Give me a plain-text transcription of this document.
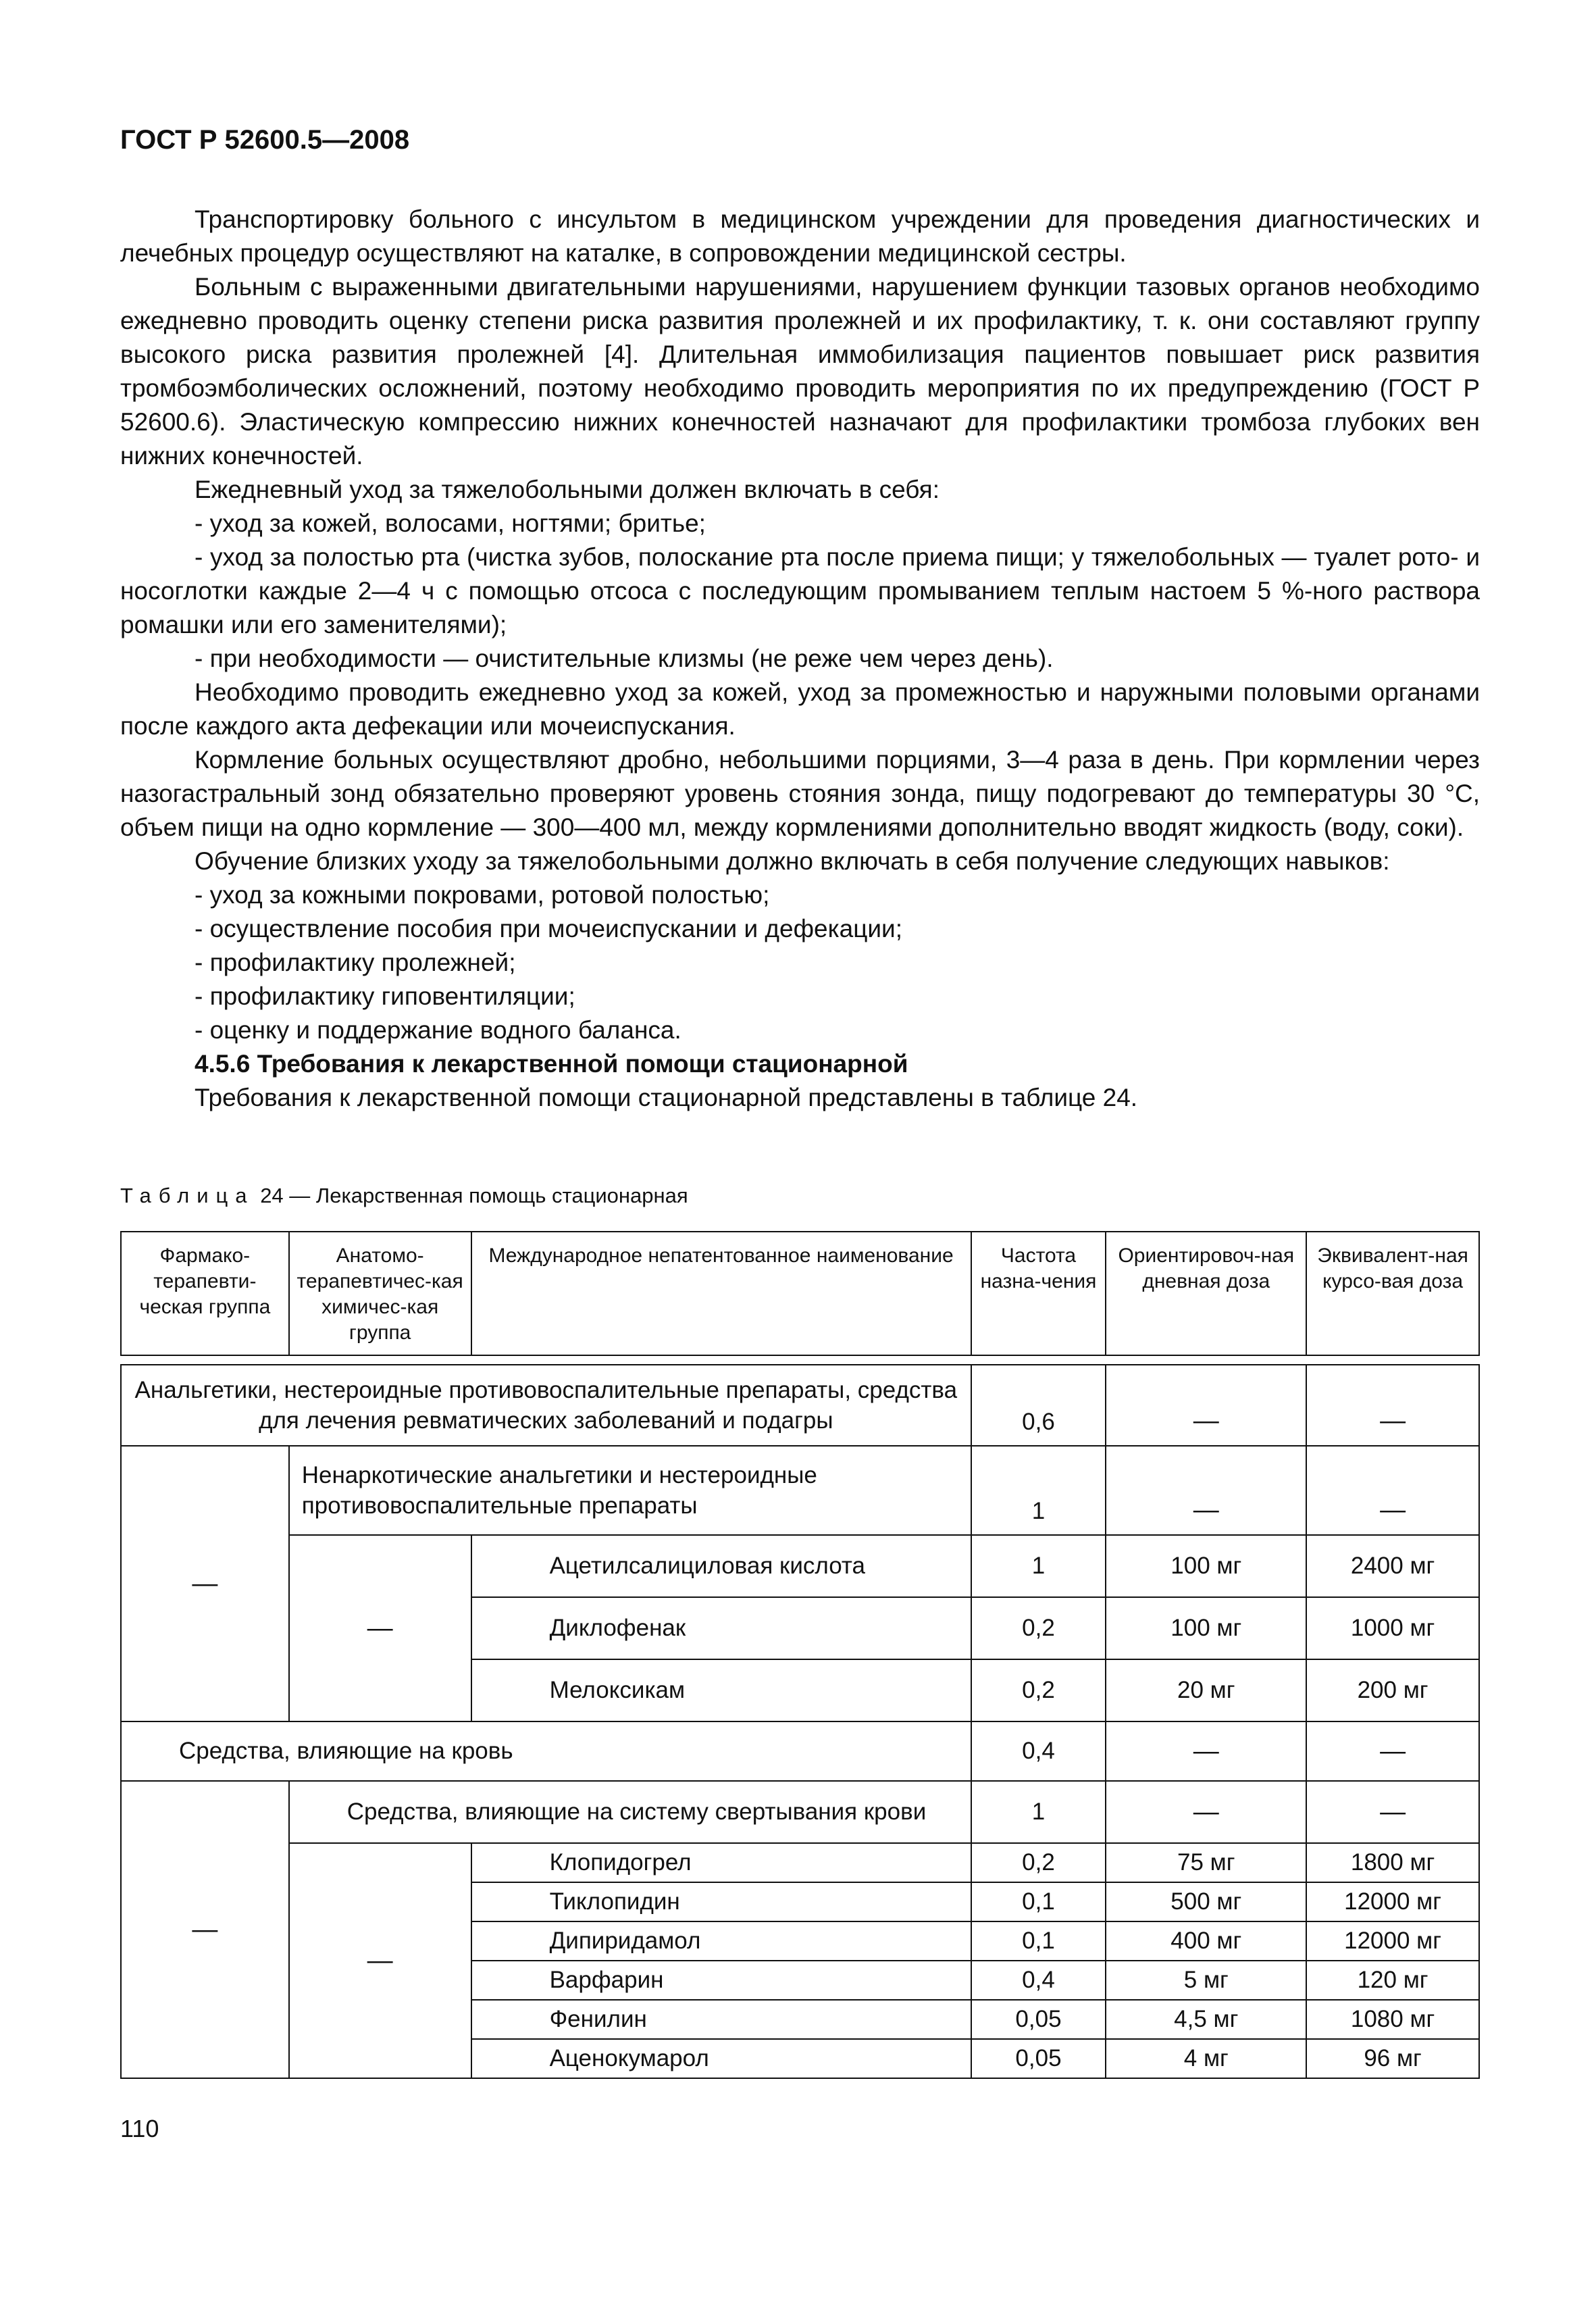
ГОСТ Р 52600.5—2008

Транспортировку больного с инсультом в медицинском учреждении для проведения диагностических и лечебных процедур осуществляют на каталке, в сопровождении медицинской сестры.

Больным с выраженными двигательными нарушениями, нарушением функции тазовых органов необходимо ежедневно проводить оценку степени риска развития пролежней и их профилактику, т. к. они составляют группу высокого риска развития пролежней [4]. Длительная иммобилизация пациентов повышает риск развития тромбоэмболических осложнений, поэтому необходимо проводить мероприятия по их предупреждению (ГОСТ Р 52600.6). Эластическую компрессию нижних конечностей назначают для профилактики тромбоза глубоких вен нижних конечностей.

Ежедневный уход за тяжелобольными должен включать в себя:

- уход за кожей, волосами, ногтями; бритье;

- уход за полостью рта (чистка зубов, полоскание рта после приема пищи; у тяжелобольных — туалет рото- и носоглотки каждые 2—4 ч с помощью отсоса с последующим промыванием теплым настоем 5 %-ного раствора ромашки или его заменителями);

- при необходимости — очистительные клизмы (не реже чем через день).

Необходимо проводить ежедневно уход за кожей, уход за промежностью и наружными половыми органами после каждого акта дефекации или мочеиспускания.

Кормление больных осуществляют дробно, небольшими порциями, 3—4 раза в день. При кормлении через назогастральный зонд обязательно проверяют уровень стояния зонда, пищу подогревают до температуры 30 °С, объем пищи на одно кормление — 300—400 мл, между кормлениями дополнительно вводят жидкость (воду, соки).

Обучение близких уходу за тяжелобольными должно включать в себя получение следующих навыков:

- уход за кожными покровами, ротовой полостью;

- осуществление пособия при мочеиспускании и дефекации;

- профилактику пролежней;

- профилактику гиповентиляции;

- оценку и поддержание водного баланса.

4.5.6 Требования к лекарственной помощи стационарной

Требования к лекарственной помощи стационарной представлены в таблице 24.

Таблица 24 — Лекарственная помощь стационарная
Фармако-терапевти-ческая группа	Анатомо-терапевтичес-кая химичес-кая группа	Международное непатентованное наименование	Частота назна-чения	Ориентировоч-ная дневная доза	Эквивалент-ная курсо-вая доза

Анальгетики, нестероидные противовоспалительные препараты, средства для лечения ревматических заболеваний и подагры			0,6	—	—
—	Ненаркотические анальгетики и нестероидные противовоспалительные препараты		1	—	—
	—	Ацетилсалициловая кислота	1	100 мг	2400 мг
		Диклофенак	0,2	100 мг	1000 мг
		Мелоксикам	0,2	20 мг	200 мг
Средства, влияющие на кровь			0,4	—	—
—	Средства, влияющие на систему свертывания крови		1	—	—
	—	Клопидогрел	0,2	75 мг	1800 мг
		Тиклопидин	0,1	500 мг	12000 мг
		Дипиридамол	0,1	400 мг	12000 мг
		Варфарин	0,4	5 мг	120 мг
		Фенилин	0,05	4,5 мг	1080 мг
		Аценокумарол	0,05	4 мг	96 мг
110
